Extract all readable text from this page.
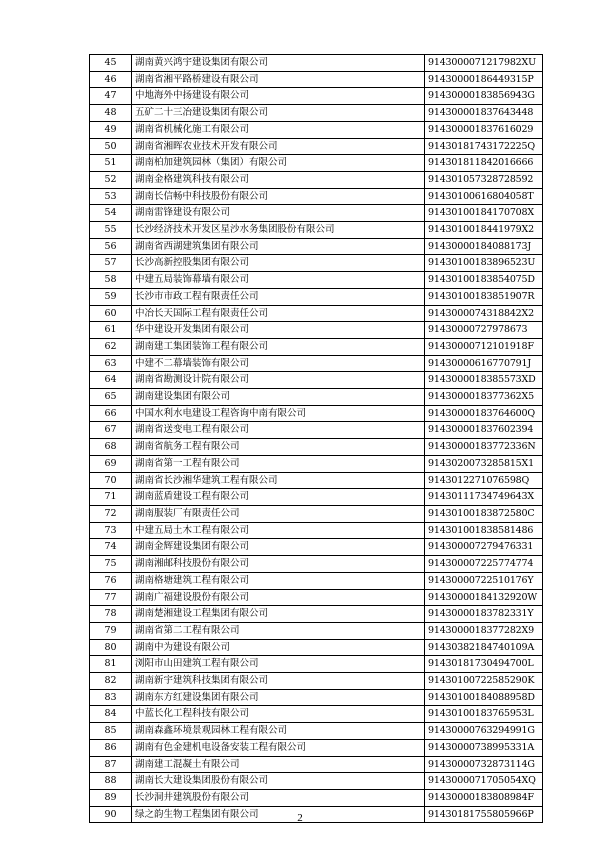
45	湖南黄兴鸿宇建设集团有限公司	9143000071217982XU
46	湖南省湘平路桥建设有限公司	91430000186449315P
47	中地海外中扬建设有限公司	91430000183856943G
48	五矿二十三冶建设集团有限公司	914300001837643448
49	湖南省机械化施工有限公司	914300001837616029
50	湖南省湘晖农业技术开发有限公司	91430181743172225Q
51	湖南柏加建筑园林（集团）有限公司	914301811842016666
52	湖南金格建筑科技有限公司	914301057328728592
53	湖南长信畅中科技股份有限公司	91430100616804058T
54	湖南雷锋建设有限公司	91430100184170708X
55	长沙经济技术开发区星沙水务集团股份有限公司	9143010018441979X2
56	湖南省西湖建筑集团有限公司	91430000184088173J
57	长沙高新控股集团有限公司	91430100183896523U
58	中建五局装饰幕墙有限公司	91430100183854075D
59	长沙市市政工程有限责任公司	91430100183851907R
60	中冶长天国际工程有限责任公司	9143000074318842X2
61	华中建设开发集团有限公司	91430000727978673
62	湖南建工集团装饰工程有限公司	91430000712101918F
63	中建不二幕墙装饰有限公司	91430000616770791J
64	湖南省勘测设计院有限公司	9143000018385573XD
65	湖南建设集团有限公司	9143000018377362X5
66	中国水利水电建设工程咨询中南有限公司	91430000183764600Q
67	湖南省送变电工程有限公司	914300001837602394
68	湖南省航务工程有限公司	91430000183772336N
69	湖南省第一工程有限公司	9143020073285815X1
70	湖南省长沙湘华建筑工程有限公司	9143012271076598Q
71	湖南蓝盾建设工程有限公司	91430111734749643X
72	湖南服装厂有限责任公司	91430100183872580C
73	中建五局土木工程有限公司	914301001838581486
74	湖南金辉建设集团有限公司	914300007279476331
75	湖南湘邮科技股份有限公司	914300007225774774
76	湖南格塘建筑工程有限公司	91430000722510176Y
77	湖南广福建设股份有限公司	91430000184132920W
78	湖南楚湘建设工程集团有限公司	91430000183782331Y
79	湖南省第二工程有限公司	9143000018377282X9
80	湖南中为建设有限公司	91430382184740109A
81	浏阳市山田建筑工程有限公司	91430181730494700L
82	湖南新宇建筑科技集团有限公司	91430100722585290K
83	湖南东方红建设集团有限公司	91430100184088958D
84	中蓝长化工程科技有限公司	91430100183765953L
85	湖南森鑫环境景观园林工程有限公司	91430000763294991G
86	湖南有色金建机电设备安装工程有限公司	91430000738995331A
87	湖南建工混凝土有限公司	91430000732873114G
88	湖南长大建设集团股份有限公司	9143000071705054XQ
89	长沙洞井建筑股份有限公司	91430000183808984F
90	绿之韵生物工程集团有限公司	91430181755805966P
2
